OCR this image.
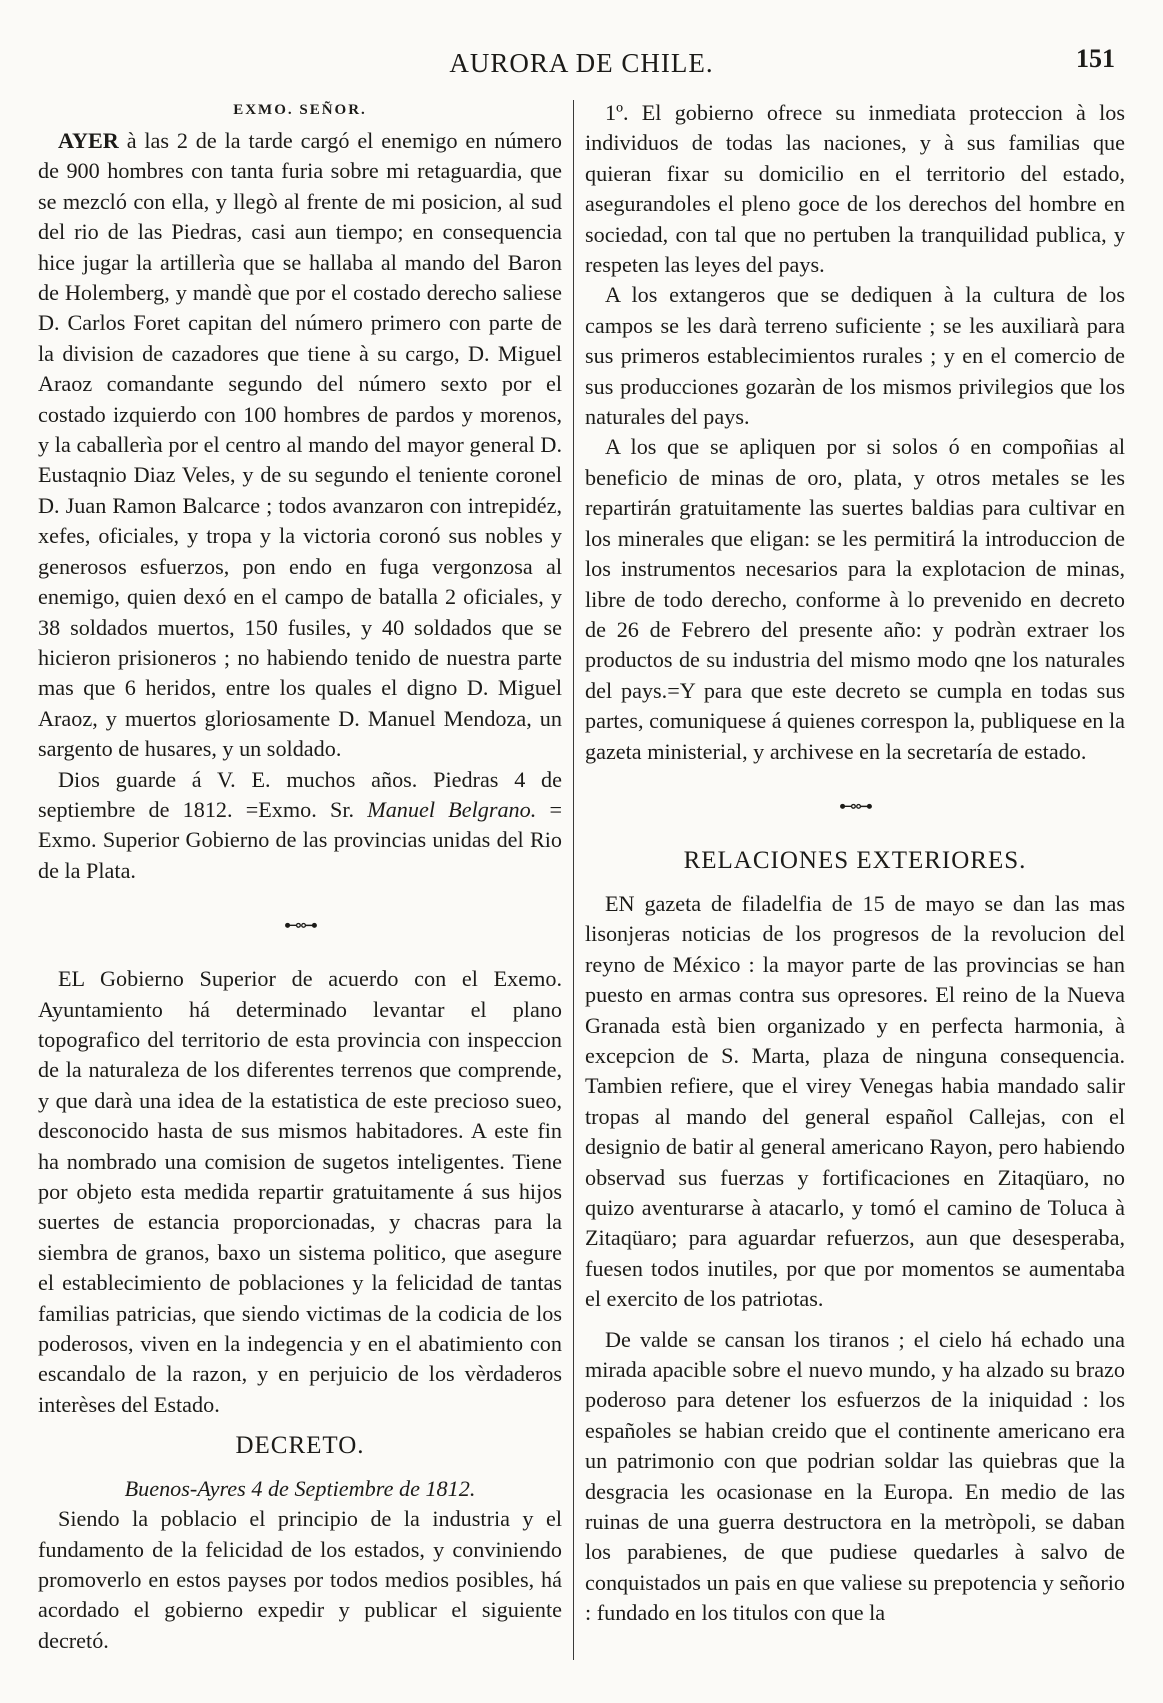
AURORA DE CHILE.	151
EXMO. SEÑOR.

AYER à las 2 de la tarde cargó el enemigo en número de 900 hombres con tanta furia sobre mi retaguardia, que se mezcló con ella, y llegò al frente de mi posicion, al sud del rio de las Piedras, casi aun tiempo; en consequencia hice jugar la artillerìa que se hallaba al mando del Baron de Holemberg, y mandè que por el costado derecho saliese D. Carlos Foret capitan del número primero con parte de la division de cazadores que tiene à su cargo, D. Miguel Araoz comandante segundo del número sexto por el costado izquierdo con 100 hombres de pardos y morenos, y la caballerìa por el centro al mando del mayor general D. Eustaqnio Diaz Veles, y de su segundo el teniente coronel D. Juan Ramon Balcarce ; todos avanzaron con intrepidéz, xefes, oficiales, y tropa y la victoria coronó sus nobles y generosos esfuerzos, pon endo en fuga vergonzosa al enemigo, quien dexó en el campo de batalla 2 oficiales, y 38 soldados muertos, 150 fusiles, y 40 soldados que se hicieron prisioneros ; no habiendo tenido de nuestra parte mas que 6 heridos, entre los quales el digno D. Miguel Araoz, y muertos gloriosamente D. Manuel Mendoza, un sargento de husares, y un soldado.

Dios guarde á V. E. muchos años. Piedras 4 de septiembre de 1812. =Exmo. Sr. Manuel Belgrano. = Exmo. Superior Gobierno de las provincias unidas del Rio de la Plata.

⊷⊶

EL Gobierno Superior de acuerdo con el Exemo. Ayuntamiento há determinado levantar el plano topografico del territorio de esta provincia con inspeccion de la naturaleza de los diferentes terrenos que comprende, y que darà una idea de la estatistica de este precioso sueo, desconocido hasta de sus mismos habitadores. A este fin ha nombrado una comision de sugetos inteligentes. Tiene por objeto esta medida repartir gratuitamente á sus hijos suertes de estancia proporcionadas, y chacras para la siembra de granos, baxo un sistema politico, que asegure el establecimiento de poblaciones y la felicidad de tantas familias patricias, que siendo victimas de la codicia de los poderosos, viven en la indegencia y en el abatimiento con escandalo de la razon, y en perjuicio de los vèrdaderos interèses del Estado.

DECRETO.
Buenos-Ayres 4 de Septiembre de 1812.

Siendo la poblacio el principio de la industria y el fundamento de la felicidad de los estados, y conviniendo promoverlo en estos payses por todos medios posibles, há acordado el gobierno expedir y publicar el siguiente decretó.

1º. El gobierno ofrece su inmediata proteccion à los individuos de todas las naciones, y à sus familias que quieran fixar su domicilio en el territorio del estado, asegurandoles el pleno goce de los derechos del hombre en sociedad, con tal que no pertuben la tranquilidad publica, y respeten las leyes del pays.

A los extangeros que se dediquen à la cultura de los campos se les darà terreno suficiente ; se les auxiliarà para sus primeros establecimientos rurales ; y en el comercio de sus producciones gozaràn de los mismos privilegios que los naturales del pays.

A los que se apliquen por si solos ó en compoñias al beneficio de minas de oro, plata, y otros metales se les repartirán gratuitamente las suertes baldias para cultivar en los minerales que eligan: se les permitirá la introduccion de los instrumentos necesarios para la explotacion de minas, libre de todo derecho, conforme à lo prevenido en decreto de 26 de Febrero del presente año: y podràn extraer los productos de su industria del mismo modo qne los naturales del pays.=Y para que este decreto se cumpla en todas sus partes, comuniquese á quienes correspon la, publiquese en la gazeta ministerial, y archivese en la secretaría de estado.

⊷⊶
RELACIONES EXTERIORES.

EN gazeta de filadelfia de 15 de mayo se dan las mas lisonjeras noticias de los progresos de la revolucion del reyno de México : la mayor parte de las provincias se han puesto en armas contra sus opresores. El reino de la Nueva Granada està bien organizado y en perfecta harmonia, à excepcion de S. Marta, plaza de ninguna consequencia. Tambien refiere, que el virey Venegas habia mandado salir tropas al mando del general español Callejas, con el designio de batir al general americano Rayon, pero habiendo observad sus fuerzas y fortificaciones en Zitaqüaro, no quizo aventurarse à atacarlo, y tomó el camino de Toluca à Zitaqüaro; para aguardar refuerzos, aun que desesperaba, fuesen todos inutiles, por que por momentos se aumentaba el exercito de los patriotas.

De valde se cansan los tiranos ; el cielo há echado una mirada apacible sobre el nuevo mundo, y ha alzado su brazo poderoso para detener los esfuerzos de la iniquidad : los españoles se habian creido que el continente americano era un patrimonio con que podrian soldar las quiebras que la desgracia les ocasionase en la Europa. En medio de las ruinas de una guerra destructora en la metròpoli, se daban los parabienes, de que pudiese quedarles à salvo de conquistados un pais en que valiese su prepotencia y señorio : fundado en los titulos con que la
